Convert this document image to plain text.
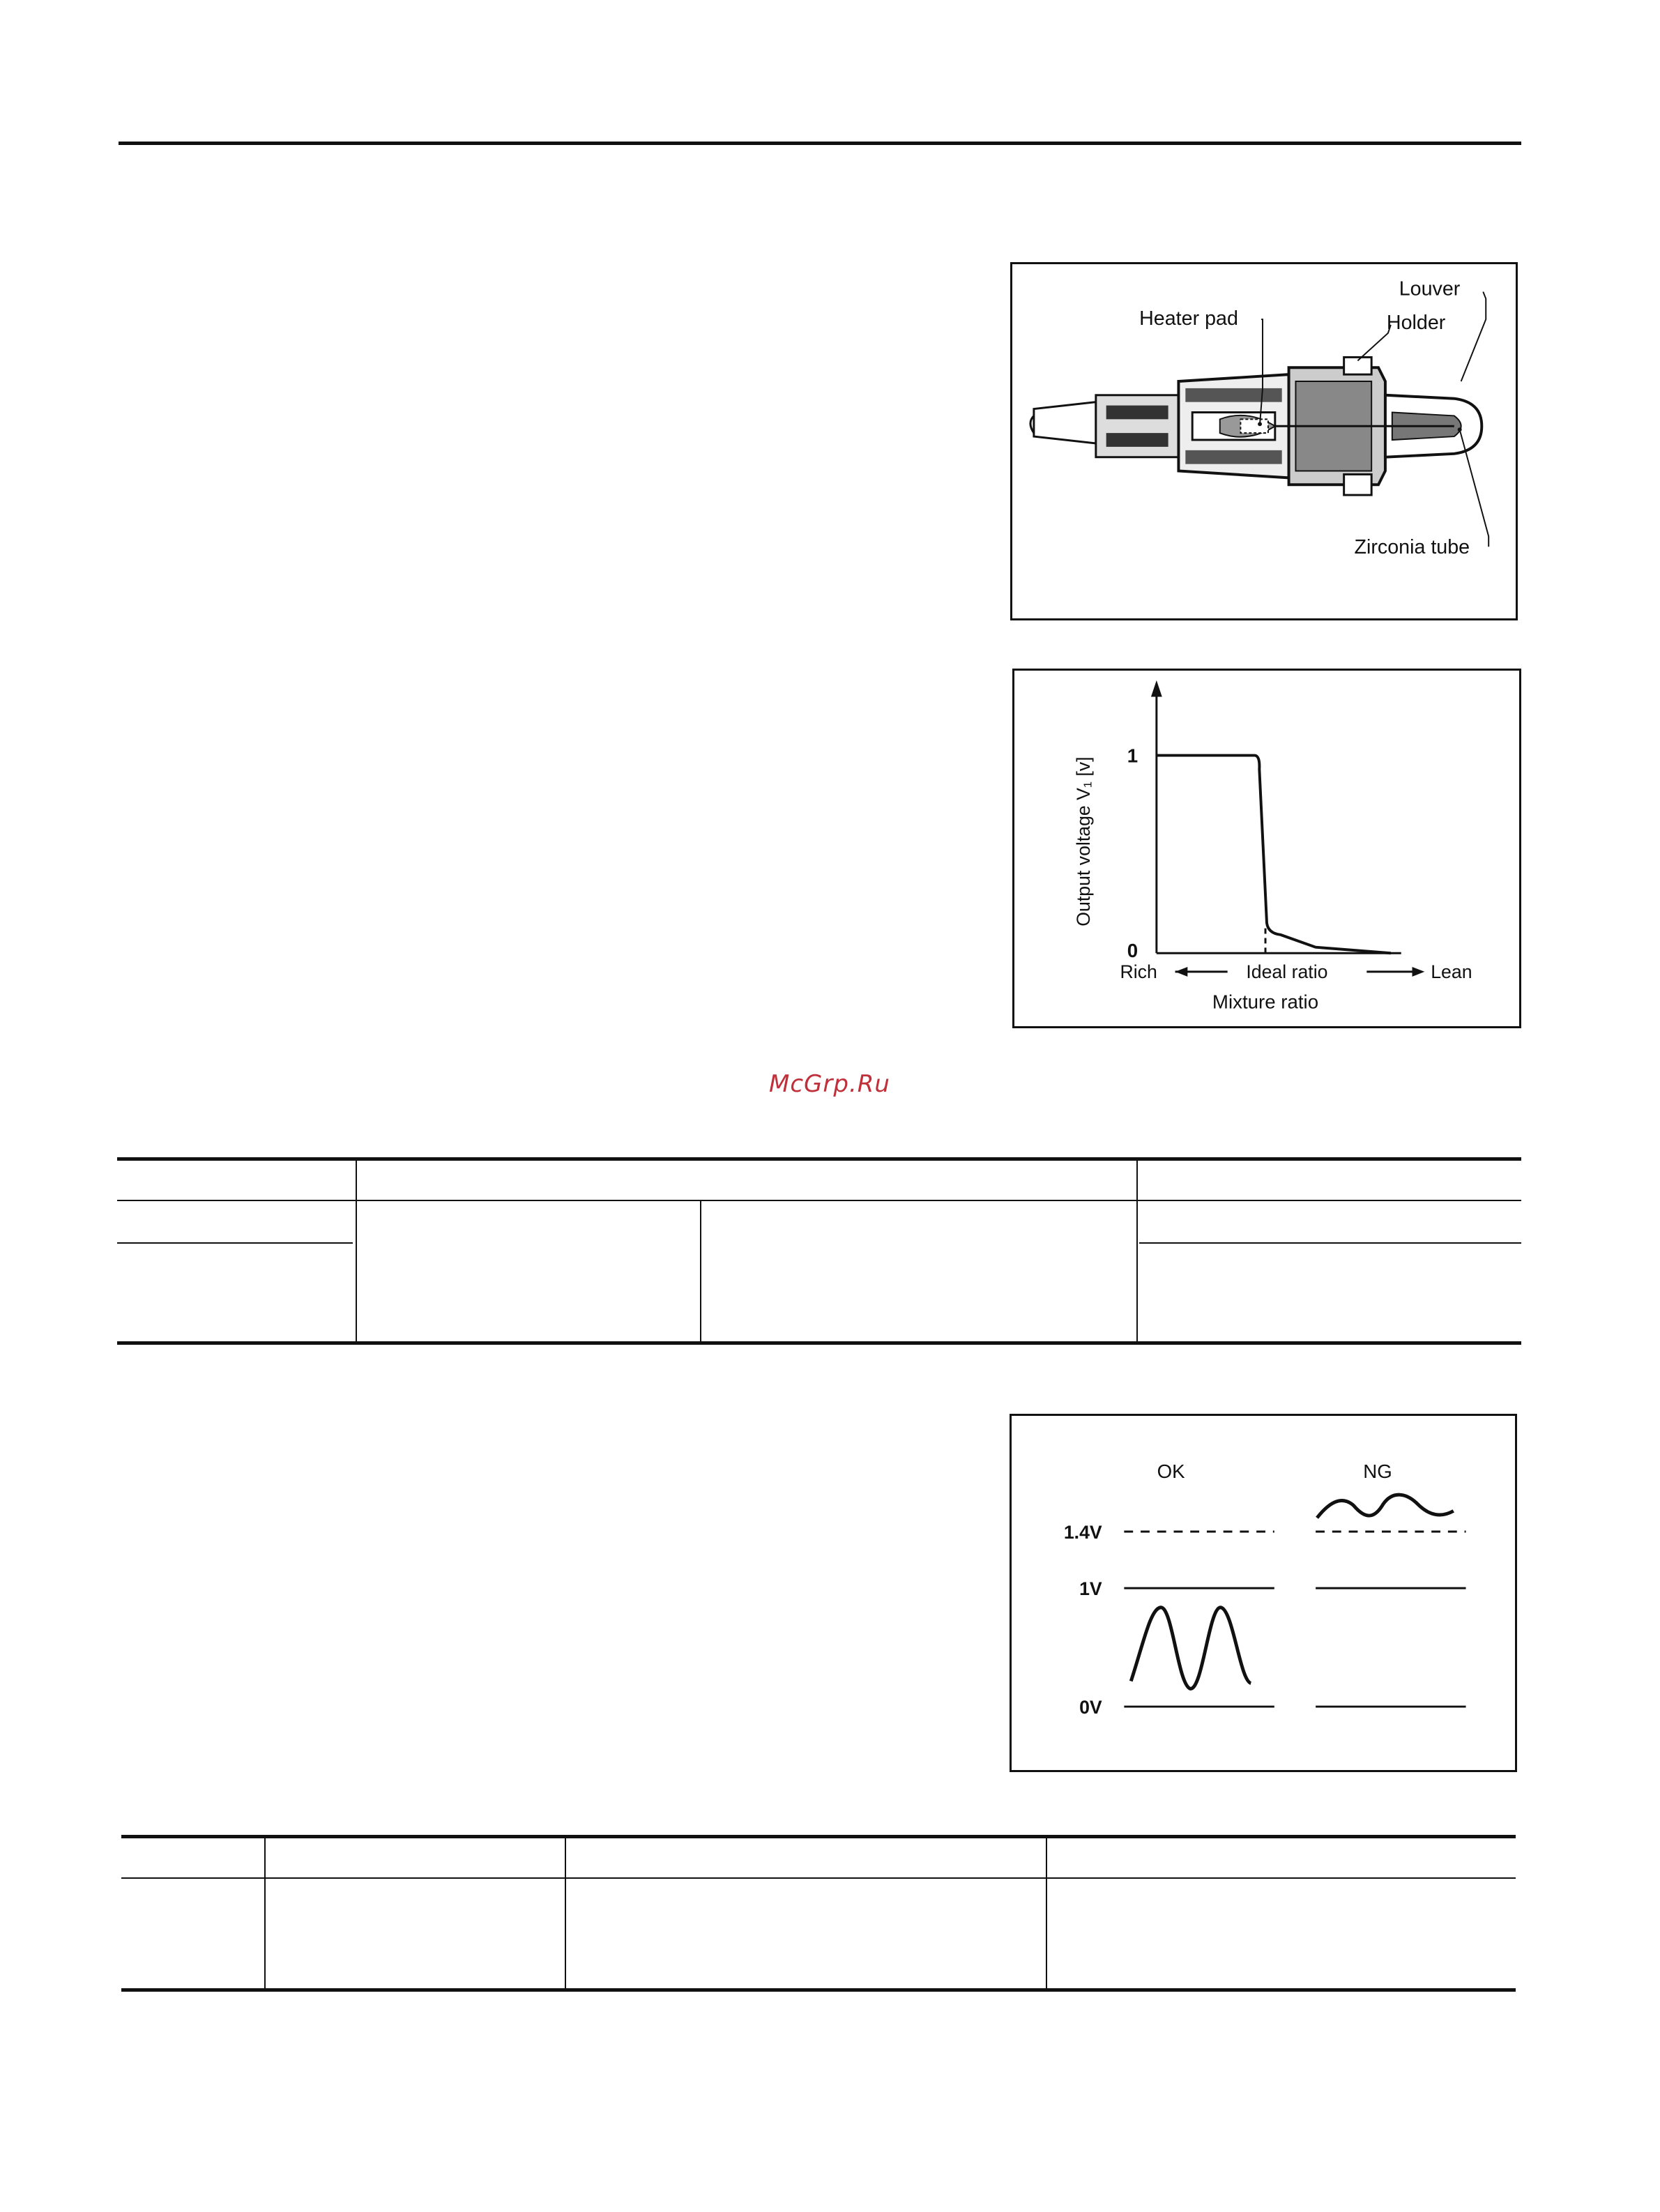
Heater pad
Louver
Holder
Zirconia tube
1
0
Output voltage V₁ [v]
Rich	Ideal ratio	Lean
Mixture ratio
McGrp.Ru
OK	NG
1.4V
1V
0V
